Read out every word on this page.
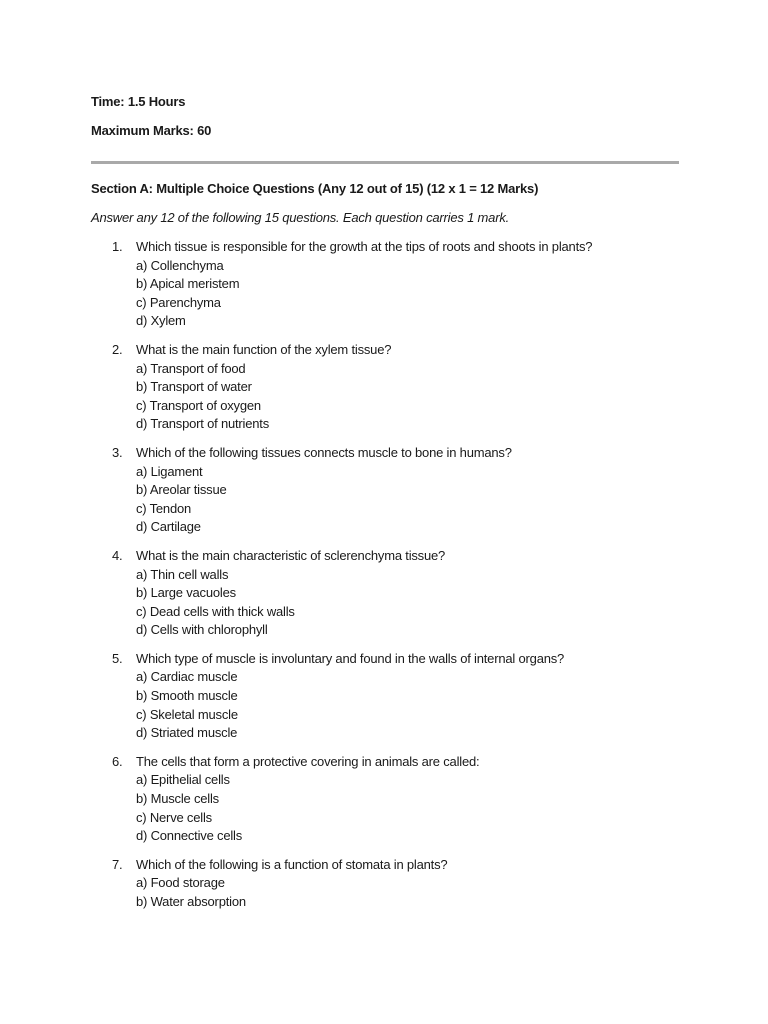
Time: 1.5 Hours
Maximum Marks: 60
Section A: Multiple Choice Questions (Any 12 out of 15) (12 x 1 = 12 Marks)
Answer any 12 of the following 15 questions. Each question carries 1 mark.
1. Which tissue is responsible for the growth at the tips of roots and shoots in plants?
a) Collenchyma
b) Apical meristem
c) Parenchyma
d) Xylem
2. What is the main function of the xylem tissue?
a) Transport of food
b) Transport of water
c) Transport of oxygen
d) Transport of nutrients
3. Which of the following tissues connects muscle to bone in humans?
a) Ligament
b) Areolar tissue
c) Tendon
d) Cartilage
4. What is the main characteristic of sclerenchyma tissue?
a) Thin cell walls
b) Large vacuoles
c) Dead cells with thick walls
d) Cells with chlorophyll
5. Which type of muscle is involuntary and found in the walls of internal organs?
a) Cardiac muscle
b) Smooth muscle
c) Skeletal muscle
d) Striated muscle
6. The cells that form a protective covering in animals are called:
a) Epithelial cells
b) Muscle cells
c) Nerve cells
d) Connective cells
7. Which of the following is a function of stomata in plants?
a) Food storage
b) Water absorption
